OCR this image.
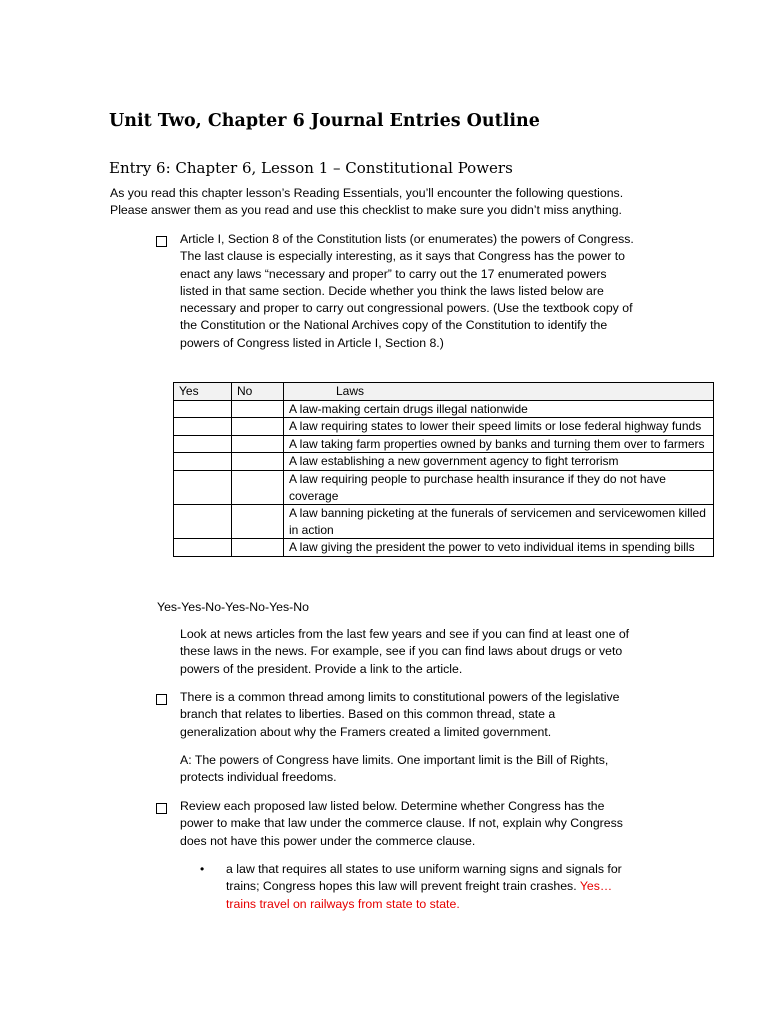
Unit Two, Chapter 6 Journal Entries Outline
Entry 6: Chapter 6, Lesson 1 – Constitutional Powers
As you read this chapter lesson’s Reading Essentials, you’ll encounter the following questions.
Please answer them as you read and use this checklist to make sure you didn’t miss anything.
Article I, Section 8 of the Constitution lists (or enumerates) the powers of Congress.
The last clause is especially interesting, as it says that Congress has the power to
enact any laws “necessary and proper” to carry out the 17 enumerated powers
listed in that same section. Decide whether you think the laws listed below are
necessary and proper to carry out congressional powers. (Use the textbook copy of
the Constitution or the National Archives copy of the Constitution to identify the
powers of Congress listed in Article I, Section 8.)
Yes	No	Laws
		A law-making certain drugs illegal nationwide
		A law requiring states to lower their speed limits or lose federal highway funds
		A law taking farm properties owned by banks and turning them over to farmers
		A law establishing a new government agency to fight terrorism
		A law requiring people to purchase health insurance if they do not have coverage
		A law banning picketing at the funerals of servicemen and servicewomen killed in action
		A law giving the president the power to veto individual items in spending bills
Yes-Yes-No-Yes-No-Yes-No
Look at news articles from the last few years and see if you can find at least one of
these laws in the news. For example, see if you can find laws about drugs or veto
powers of the president. Provide a link to the article.
There is a common thread among limits to constitutional powers of the legislative
branch that relates to liberties. Based on this common thread, state a
generalization about why the Framers created a limited government.
A: The powers of Congress have limits. One important limit is the Bill of Rights,
protects individual freedoms.
Review each proposed law listed below. Determine whether Congress has the
power to make that law under the commerce clause. If not, explain why Congress
does not have this power under the commerce clause.
• a law that requires all states to use uniform warning signs and signals for
trains; Congress hopes this law will prevent freight train crashes. Yes…
trains travel on railways from state to state.
